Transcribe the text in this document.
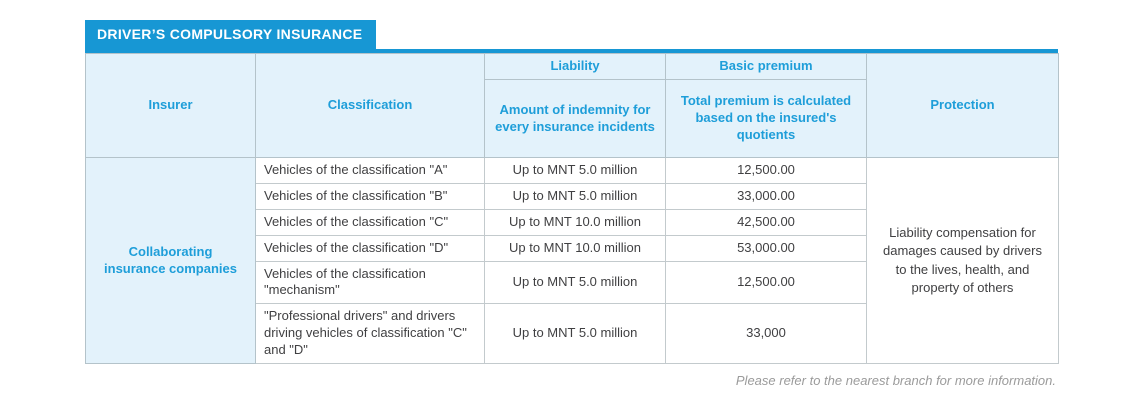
DRIVER’S COMPULSORY INSURANCE
Insurer	Classification	Liability	Basic premium	Protection
		Amount of indemnity for every insurance incidents	Total premium is calculated based on the insured's quotients	
Collaborating insurance companies	Vehicles of the classification "A"	Up to MNT 5.0 million	12,500.00	Liability compensation for damages caused by drivers to the lives, health, and property of others
	Vehicles of the classification "B"	Up to MNT 5.0 million	33,000.00	
	Vehicles of the classification "C"	Up to MNT 10.0 million	42,500.00	
	Vehicles of the classification "D"	Up to MNT 10.0 million	53,000.00	
	Vehicles of the classification "mechanism"	Up to MNT 5.0 million	12,500.00	
	"Professional drivers" and drivers driving vehicles of classification "C" and "D"	Up to MNT 5.0 million	33,000	
Please refer to the nearest branch for more information.
